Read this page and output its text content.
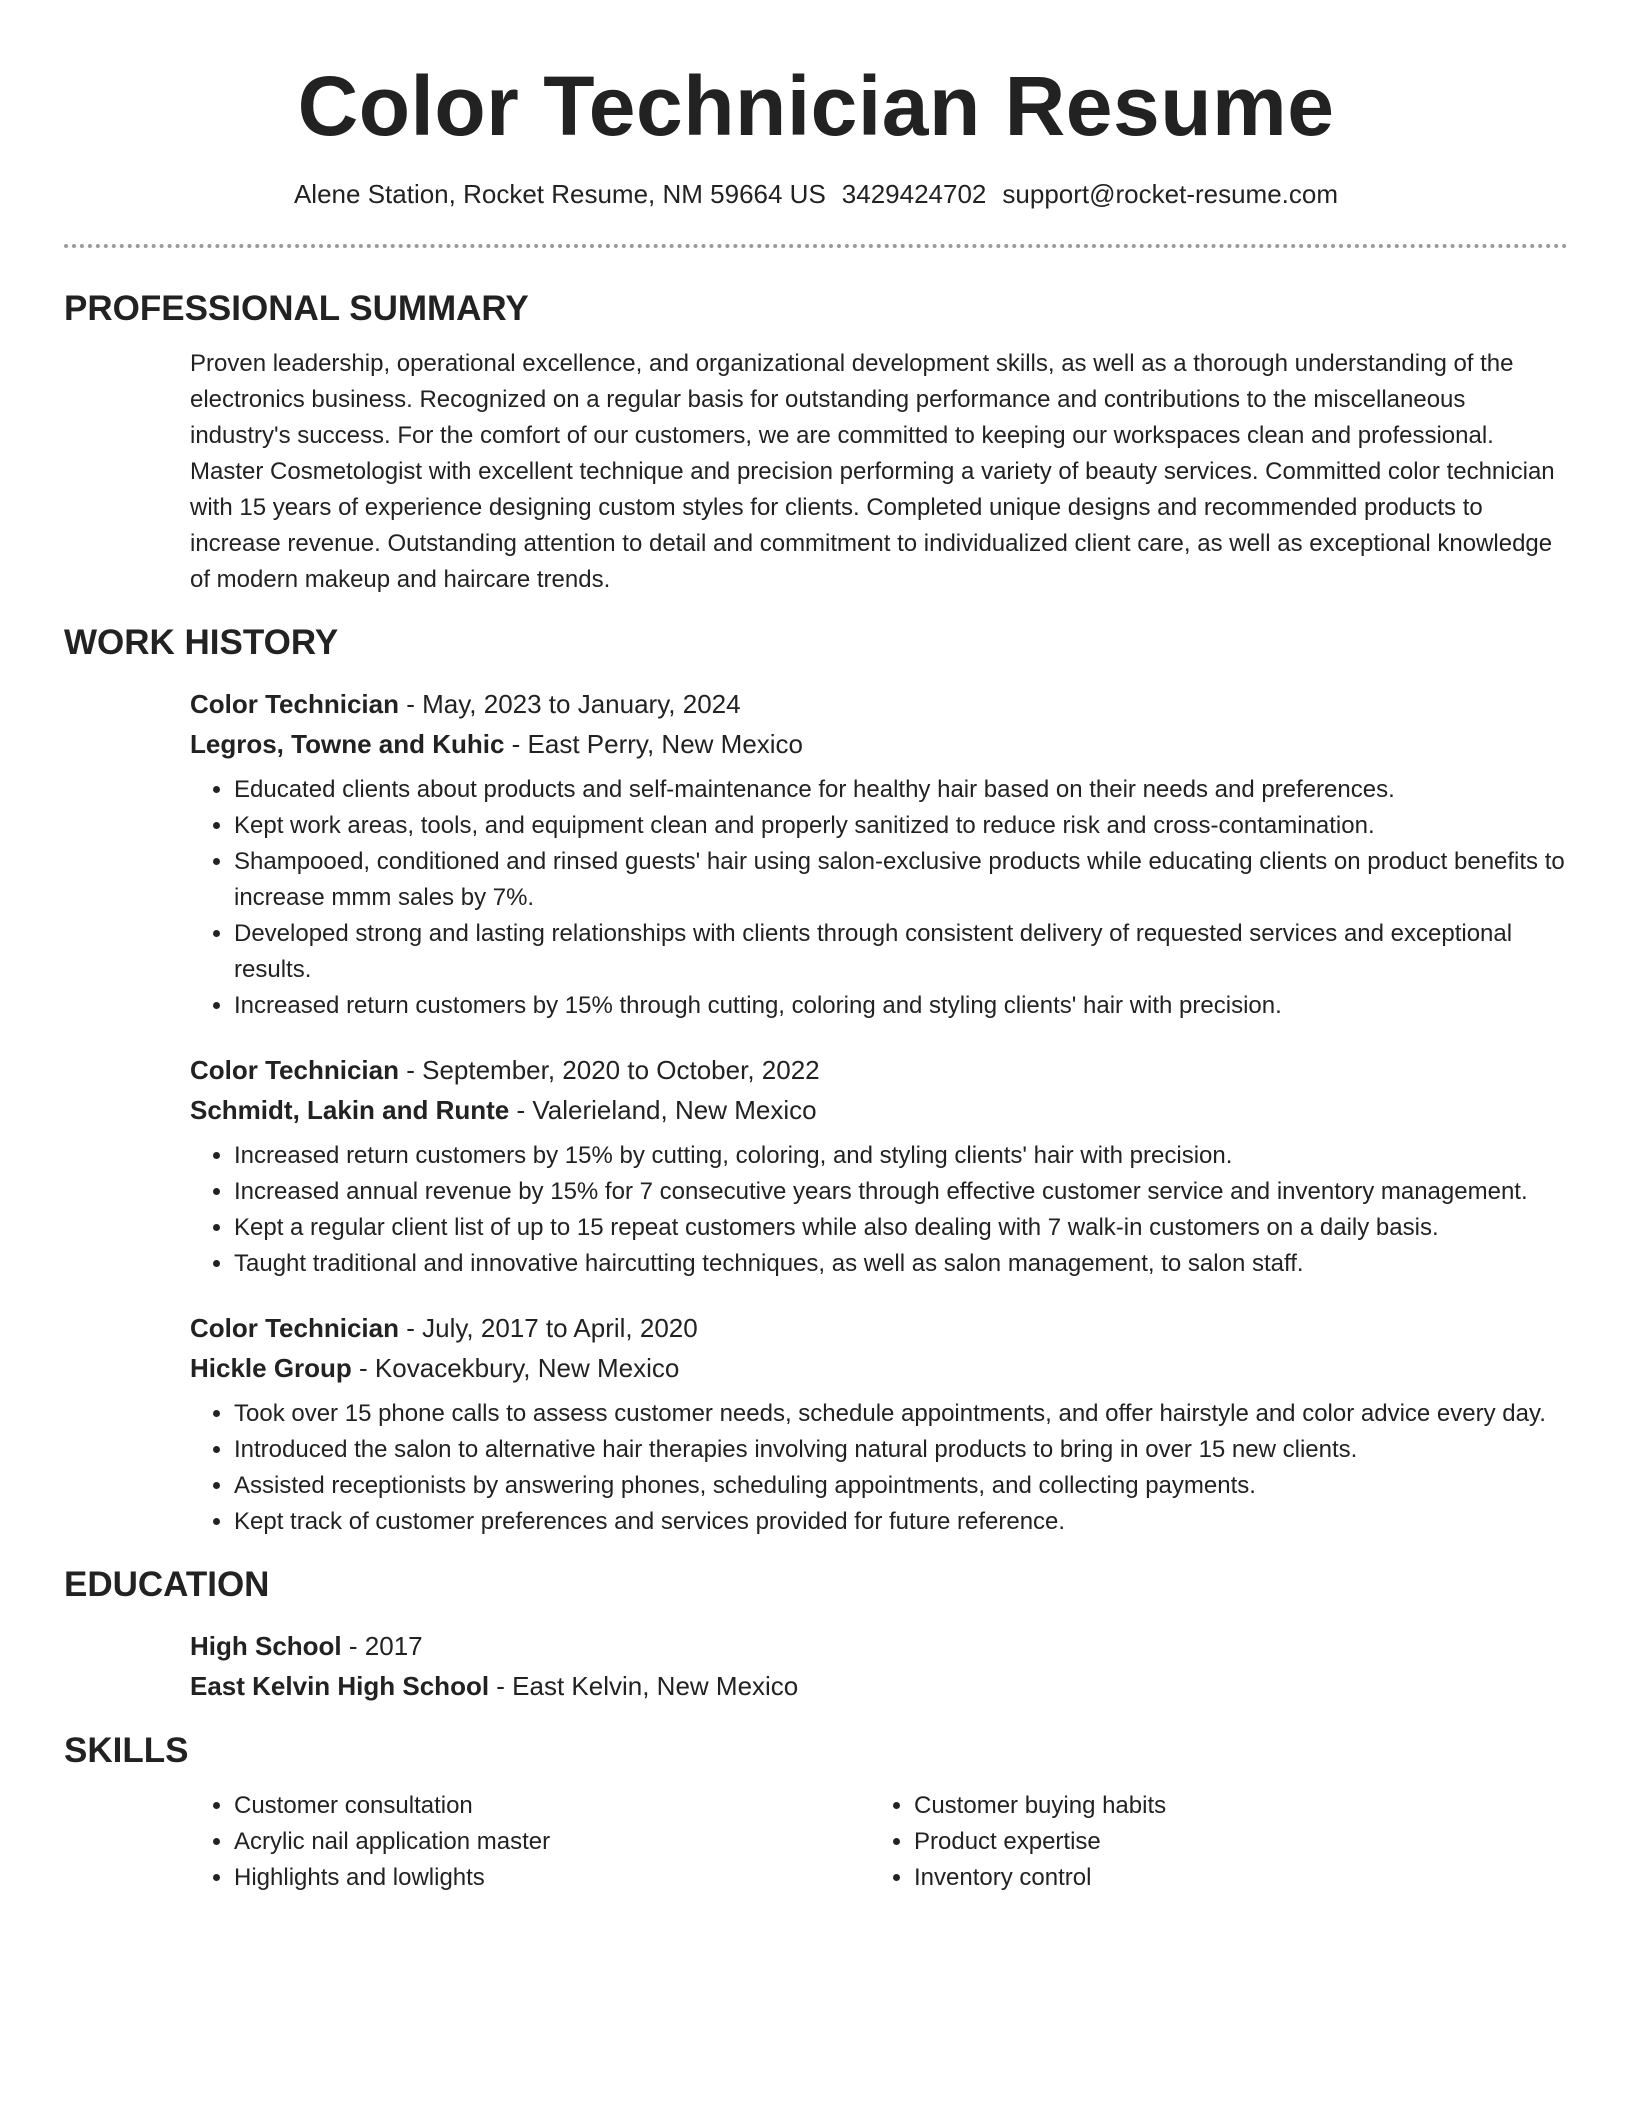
Color Technician Resume
Alene Station, Rocket Resume, NM 59664 US 3429424702 support@rocket-resume.com
PROFESSIONAL SUMMARY

Proven leadership, operational excellence, and organizational development skills, as well as a thorough understanding of the electronics business. Recognized on a regular basis for outstanding performance and contributions to the miscellaneous industry's success. For the comfort of our customers, we are committed to keeping our workspaces clean and professional. Master Cosmetologist with excellent technique and precision performing a variety of beauty services. Committed color technician with 15 years of experience designing custom styles for clients. Completed unique designs and recommended products to increase revenue. Outstanding attention to detail and commitment to individualized client care, as well as exceptional knowledge of modern makeup and haircare trends.

WORK HISTORY
Color Technician - May, 2023 to January, 2024
Legros, Towne and Kuhic - East Perry, New Mexico
• Educated clients about products and self-maintenance for healthy hair based on their needs and preferences.
• Kept work areas, tools, and equipment clean and properly sanitized to reduce risk and cross-contamination.
• Shampooed, conditioned and rinsed guests' hair using salon-exclusive products while educating clients on product benefits to increase mmm sales by 7%.
• Developed strong and lasting relationships with clients through consistent delivery of requested services and exceptional results.
• Increased return customers by 15% through cutting, coloring and styling clients' hair with precision.
Color Technician - September, 2020 to October, 2022
Schmidt, Lakin and Runte - Valerieland, New Mexico
• Increased return customers by 15% by cutting, coloring, and styling clients' hair with precision.
• Increased annual revenue by 15% for 7 consecutive years through effective customer service and inventory management.
• Kept a regular client list of up to 15 repeat customers while also dealing with 7 walk-in customers on a daily basis.
• Taught traditional and innovative haircutting techniques, as well as salon management, to salon staff.
Color Technician - July, 2017 to April, 2020
Hickle Group - Kovacekbury, New Mexico
• Took over 15 phone calls to assess customer needs, schedule appointments, and offer hairstyle and color advice every day.
• Introduced the salon to alternative hair therapies involving natural products to bring in over 15 new clients.
• Assisted receptionists by answering phones, scheduling appointments, and collecting payments.
• Kept track of customer preferences and services provided for future reference.
EDUCATION
High School - 2017
East Kelvin High School - East Kelvin, New Mexico
SKILLS
• Customer consultation
• Acrylic nail application master
• Highlights and lowlights
• Customer buying habits
• Product expertise
• Inventory control
